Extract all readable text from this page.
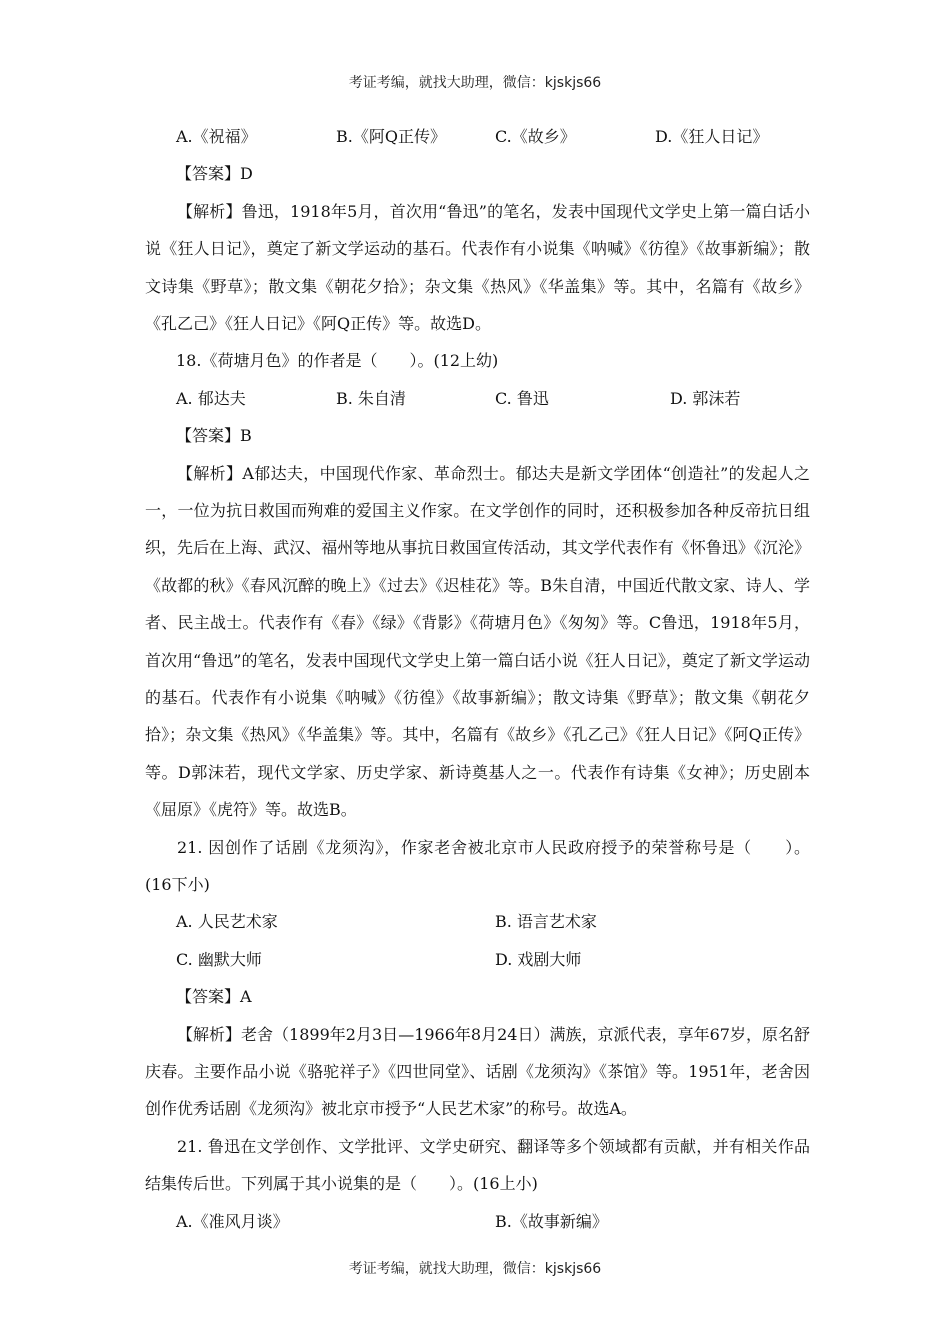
考证考编，就找大助理，微信：kjskjs66
A.《祝福》	B.《阿Q正传》	C.《故乡》	D.《狂人日记》
【答案】D
【解析】鲁迅，1918年5月，首次用“鲁迅”的笔名，发表中国现代文学史上第一篇白话小说《狂人日记》，奠定了新文学运动的基石。代表作有小说集《呐喊》《彷徨》《故事新编》；散文诗集《野草》；散文集《朝花夕拾》；杂文集《热风》《华盖集》等。其中，名篇有《故乡》《孔乙己》《狂人日记》《阿Q正传》等。故选D。
18.《荷塘月色》的作者是（　　）。(12上幼)
A. 郁达夫	B. 朱自清	C. 鲁迅	D. 郭沫若
【答案】B
【解析】A郁达夫，中国现代作家、革命烈士。郁达夫是新文学团体“创造社”的发起人之一，一位为抗日救国而殉难的爱国主义作家。在文学创作的同时，还积极参加各种反帝抗日组织，先后在上海、武汉、福州等地从事抗日救国宣传活动，其文学代表作有《怀鲁迅》《沉沦》《故都的秋》《春风沉醉的晚上》《过去》《迟桂花》等。B朱自清，中国近代散文家、诗人、学者、民主战士。代表作有《春》《绿》《背影》《荷塘月色》《匆匆》等。C鲁迅，1918年5月，首次用“鲁迅”的笔名，发表中国现代文学史上第一篇白话小说《狂人日记》，奠定了新文学运动的基石。代表作有小说集《呐喊》《彷徨》《故事新编》；散文诗集《野草》；散文集《朝花夕拾》；杂文集《热风》《华盖集》等。其中，名篇有《故乡》《孔乙己》《狂人日记》《阿Q正传》等。D郭沫若，现代文学家、历史学家、新诗奠基人之一。代表作有诗集《女神》；历史剧本《屈原》《虎符》等。故选B。
21. 因创作了话剧《龙须沟》，作家老舍被北京市人民政府授予的荣誉称号是（　　）。(16下小)
A. 人民艺术家	B. 语言艺术家
C. 幽默大师	D. 戏剧大师
【答案】A
【解析】老舍（1899年2月3日—1966年8月24日）满族，京派代表，享年67岁，原名舒庆春。主要作品小说《骆驼祥子》《四世同堂》、话剧《龙须沟》《茶馆》等。1951年，老舍因创作优秀话剧《龙须沟》被北京市授予“人民艺术家”的称号。故选A。
21. 鲁迅在文学创作、文学批评、文学史研究、翻译等多个领域都有贡献，并有相关作品结集传后世。下列属于其小说集的是（　　）。(16上小)
A.《准风月谈》	B.《故事新编》
考证考编，就找大助理，微信：kjskjs66
